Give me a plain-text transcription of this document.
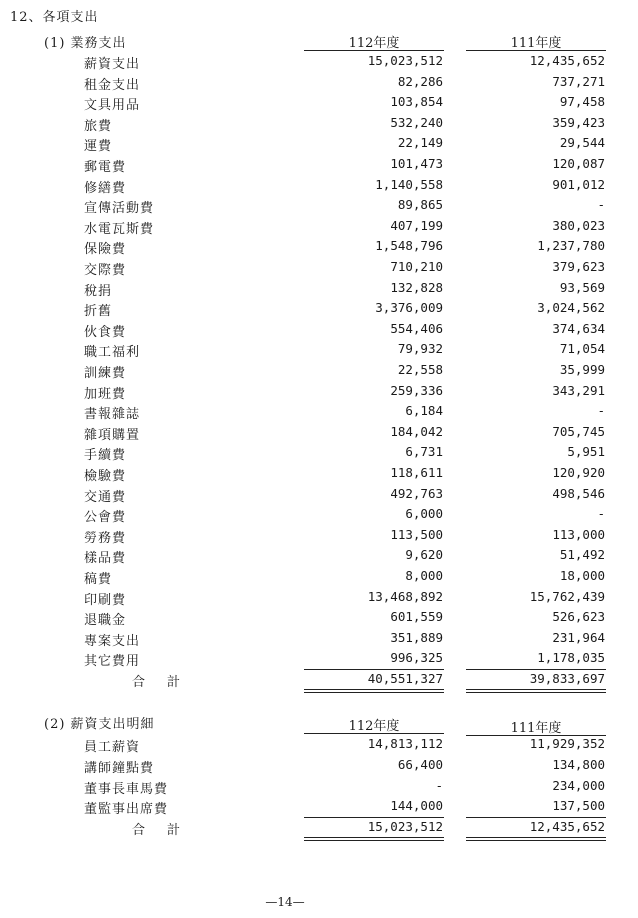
12、各項支出
(1) 業務支出	112年度	111年度
薪資支出	15,023,512	12,435,652
租金支出	82,286	737,271
文具用品	103,854	97,458
旅費	532,240	359,423
運費	22,149	29,544
郵電費	101,473	120,087
修繕費	1,140,558	901,012
宣傳活動費	89,865	-
水電瓦斯費	407,199	380,023
保險費	1,548,796	1,237,780
交際費	710,210	379,623
稅捐	132,828	93,569
折舊	3,376,009	3,024,562
伙食費	554,406	374,634
職工福利	79,932	71,054
訓練費	22,558	35,999
加班費	259,336	343,291
書報雜誌	6,184	-
雜項購置	184,042	705,745
手續費	6,731	5,951
檢驗費	118,611	120,920
交通費	492,763	498,546
公會費	6,000	-
勞務費	113,500	113,000
樣品費	9,620	51,492
稿費	8,000	18,000
印刷費	13,468,892	15,762,439
退職金	601,559	526,623
專案支出	351,889	231,964
其它費用	996,325	1,178,035
合計	40,551,327	39,833,697
(2) 薪資支出明細	112年度	111年度
員工薪資	14,813,112	11,929,352
講師鐘點費	66,400	134,800
董事長車馬費	-	234,000
董監事出席費	144,000	137,500
合計	15,023,512	12,435,652
—14—
